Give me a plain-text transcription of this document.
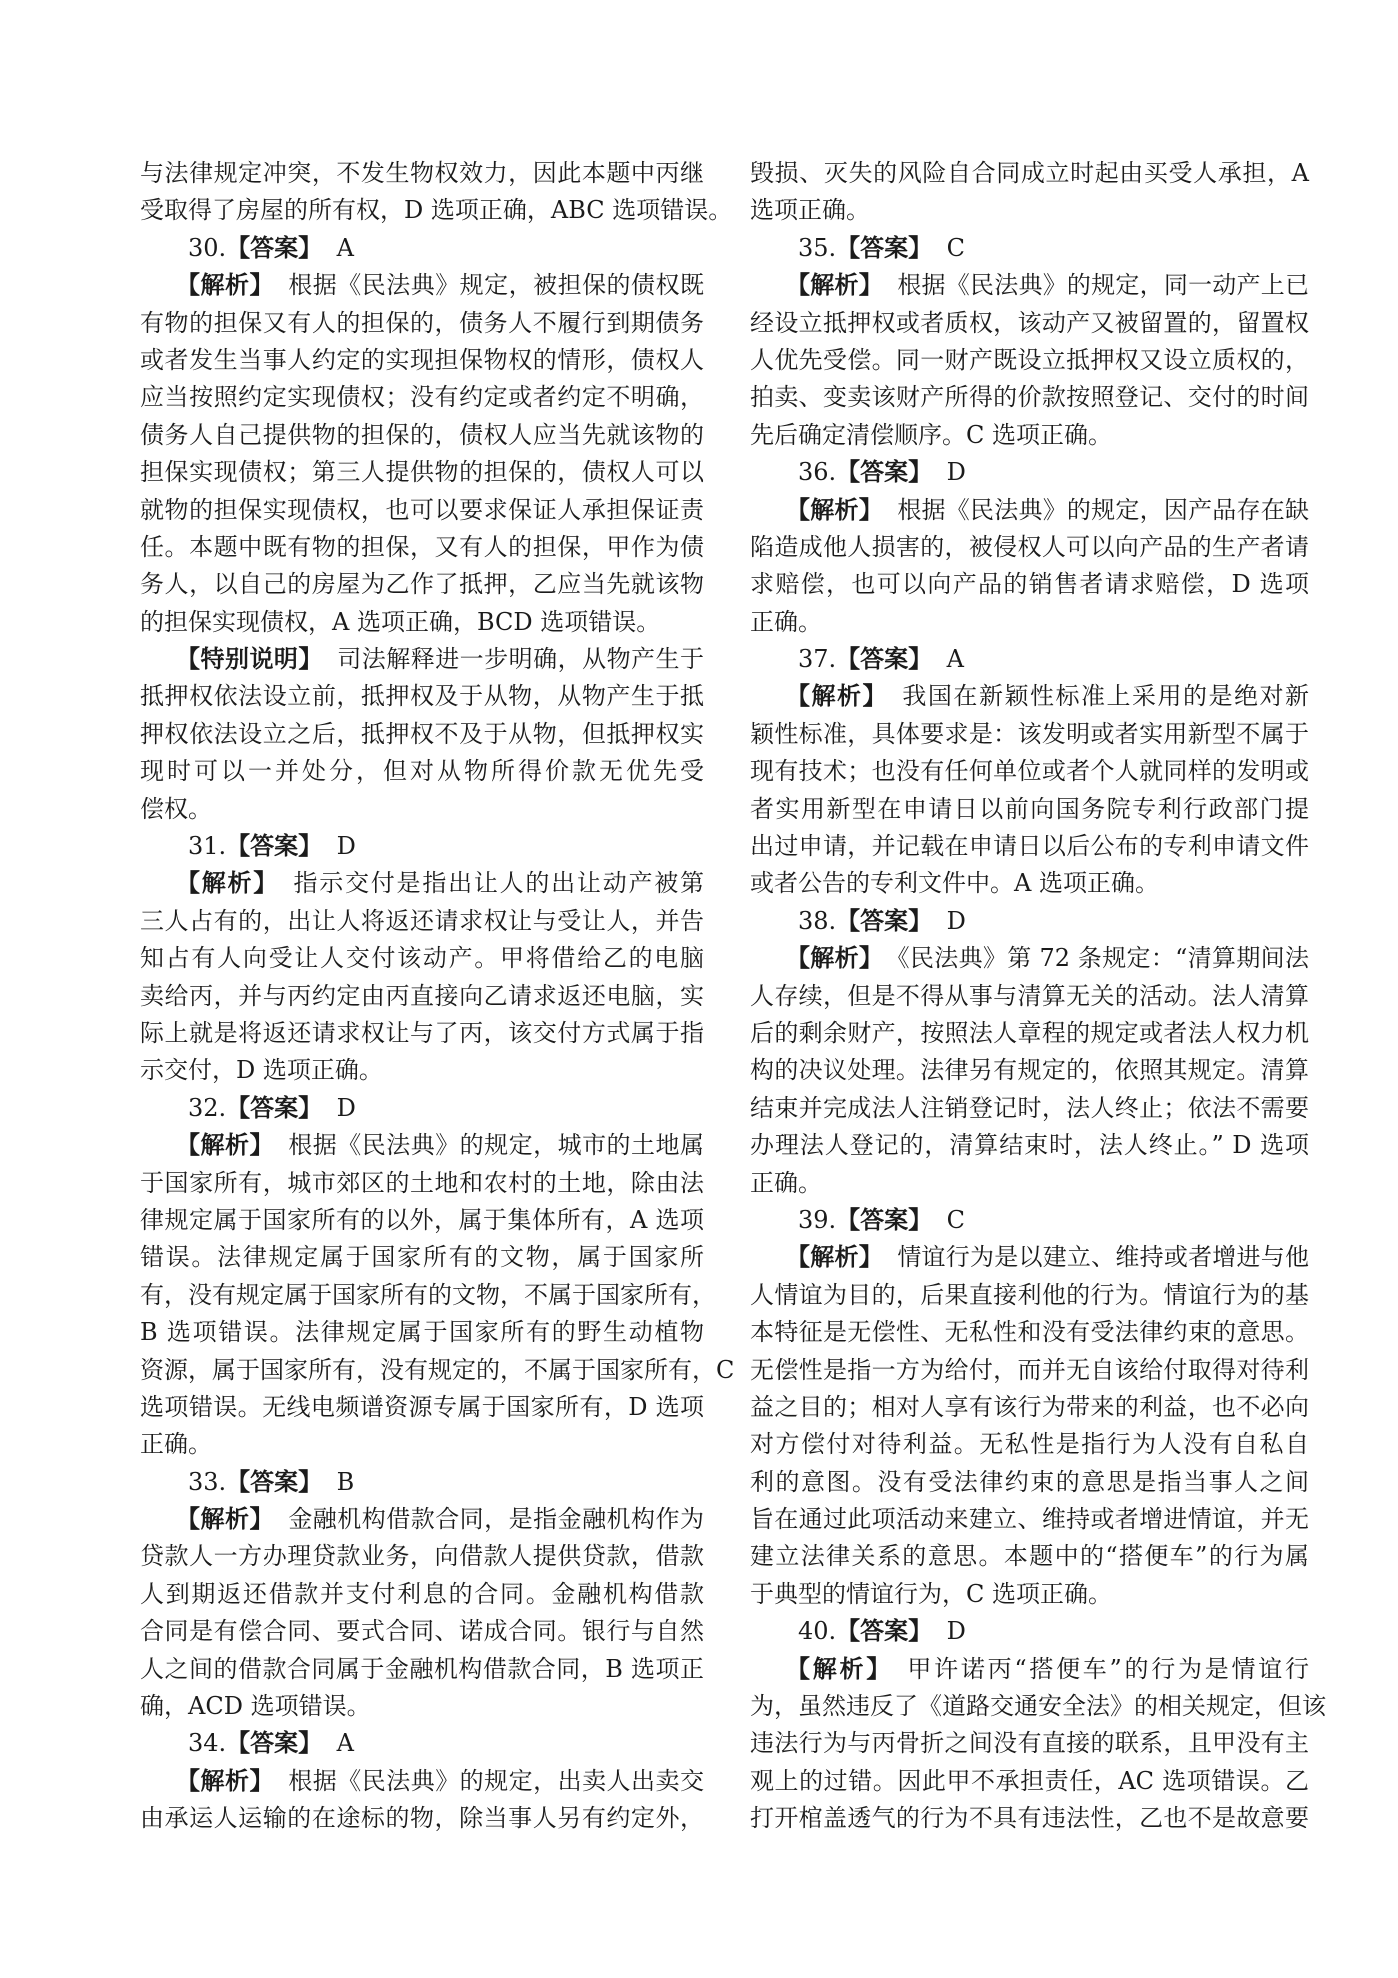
与法律规定冲突，不发生物权效力，因此本题中丙继
受取得了房屋的所有权，D 选项正确，ABC 选项错误。
30.【答案】 A
【解析】 根据《民法典》规定，被担保的债权既
有物的担保又有人的担保的，债务人不履行到期债务
或者发生当事人约定的实现担保物权的情形，债权人
应当按照约定实现债权；没有约定或者约定不明确，
债务人自己提供物的担保的，债权人应当先就该物的
担保实现债权；第三人提供物的担保的，债权人可以
就物的担保实现债权，也可以要求保证人承担保证责
任。本题中既有物的担保，又有人的担保，甲作为债
务人，以自己的房屋为乙作了抵押，乙应当先就该物
的担保实现债权，A 选项正确，BCD 选项错误。
【特别说明】 司法解释进一步明确，从物产生于
抵押权依法设立前，抵押权及于从物，从物产生于抵
押权依法设立之后，抵押权不及于从物，但抵押权实
现时可以一并处分，但对从物所得价款无优先受
偿权。
31.【答案】 D
【解析】 指示交付是指出让人的出让动产被第
三人占有的，出让人将返还请求权让与受让人，并告
知占有人向受让人交付该动产。甲将借给乙的电脑
卖给丙，并与丙约定由丙直接向乙请求返还电脑，实
际上就是将返还请求权让与了丙，该交付方式属于指
示交付，D 选项正确。
32.【答案】 D
【解析】 根据《民法典》的规定，城市的土地属
于国家所有，城市郊区的土地和农村的土地，除由法
律规定属于国家所有的以外，属于集体所有，A 选项
错误。法律规定属于国家所有的文物，属于国家所
有，没有规定属于国家所有的文物，不属于国家所有，
B 选项错误。法律规定属于国家所有的野生动植物
资源，属于国家所有，没有规定的，不属于国家所有，C
选项错误。无线电频谱资源专属于国家所有，D 选项
正确。
33.【答案】 B
【解析】 金融机构借款合同，是指金融机构作为
贷款人一方办理贷款业务，向借款人提供贷款，借款
人到期返还借款并支付利息的合同。金融机构借款
合同是有偿合同、要式合同、诺成合同。银行与自然
人之间的借款合同属于金融机构借款合同，B 选项正
确，ACD 选项错误。
34.【答案】 A
【解析】 根据《民法典》的规定，出卖人出卖交
由承运人运输的在途标的物，除当事人另有约定外，
毁损、灭失的风险自合同成立时起由买受人承担，A
选项正确。
35.【答案】 C
【解析】 根据《民法典》的规定，同一动产上已
经设立抵押权或者质权，该动产又被留置的，留置权
人优先受偿。同一财产既设立抵押权又设立质权的，
拍卖、变卖该财产所得的价款按照登记、交付的时间
先后确定清偿顺序。C 选项正确。
36.【答案】 D
【解析】 根据《民法典》的规定，因产品存在缺
陷造成他人损害的，被侵权人可以向产品的生产者请
求赔偿，也可以向产品的销售者请求赔偿，D 选项
正确。
37.【答案】 A
【解析】 我国在新颖性标准上采用的是绝对新
颖性标准，具体要求是：该发明或者实用新型不属于
现有技术；也没有任何单位或者个人就同样的发明或
者实用新型在申请日以前向国务院专利行政部门提
出过申请，并记载在申请日以后公布的专利申请文件
或者公告的专利文件中。A 选项正确。
38.【答案】 D
【解析】 《民法典》第 72 条规定：“清算期间法
人存续，但是不得从事与清算无关的活动。法人清算
后的剩余财产，按照法人章程的规定或者法人权力机
构的决议处理。法律另有规定的，依照其规定。清算
结束并完成法人注销登记时，法人终止；依法不需要
办理法人登记的，清算结束时，法人终止。” D 选项
正确。
39.【答案】 C
【解析】 情谊行为是以建立、维持或者增进与他
人情谊为目的，后果直接利他的行为。情谊行为的基
本特征是无偿性、无私性和没有受法律约束的意思。
无偿性是指一方为给付，而并无自该给付取得对待利
益之目的；相对人享有该行为带来的利益，也不必向
对方偿付对待利益。无私性是指行为人没有自私自
利的意图。没有受法律约束的意思是指当事人之间
旨在通过此项活动来建立、维持或者增进情谊，并无
建立法律关系的意思。本题中的“搭便车”的行为属
于典型的情谊行为，C 选项正确。
40.【答案】 D
【解析】 甲许诺丙“搭便车”的行为是情谊行
为，虽然违反了《道路交通安全法》的相关规定，但该
违法行为与丙骨折之间没有直接的联系，且甲没有主
观上的过错。因此甲不承担责任，AC 选项错误。乙
打开棺盖透气的行为不具有违法性，乙也不是故意要
